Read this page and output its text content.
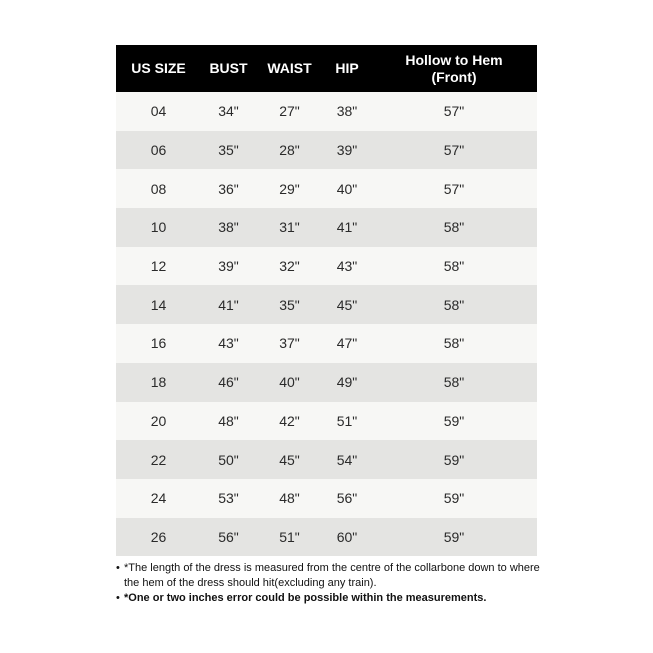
US SIZE	BUST	WAIST	HIP	Hollow to Hem
(Front)
04	34"	27"	38"	57"
06	35"	28"	39"	57"
08	36"	29"	40"	57"
10	38"	31"	41"	58"
12	39"	32"	43"	58"
14	41"	35"	45"	58"
16	43"	37"	47"	58"
18	46"	40"	49"	58"
20	48"	42"	51"	59"
22	50"	45"	54"	59"
24	53"	48"	56"	59"
26	56"	51"	60"	59"
• *The length of the dress is measured from the centre of the collarbone down to where the hem of the dress should hit(excluding any train).
• *One or two inches error could be possible within the measurements.
